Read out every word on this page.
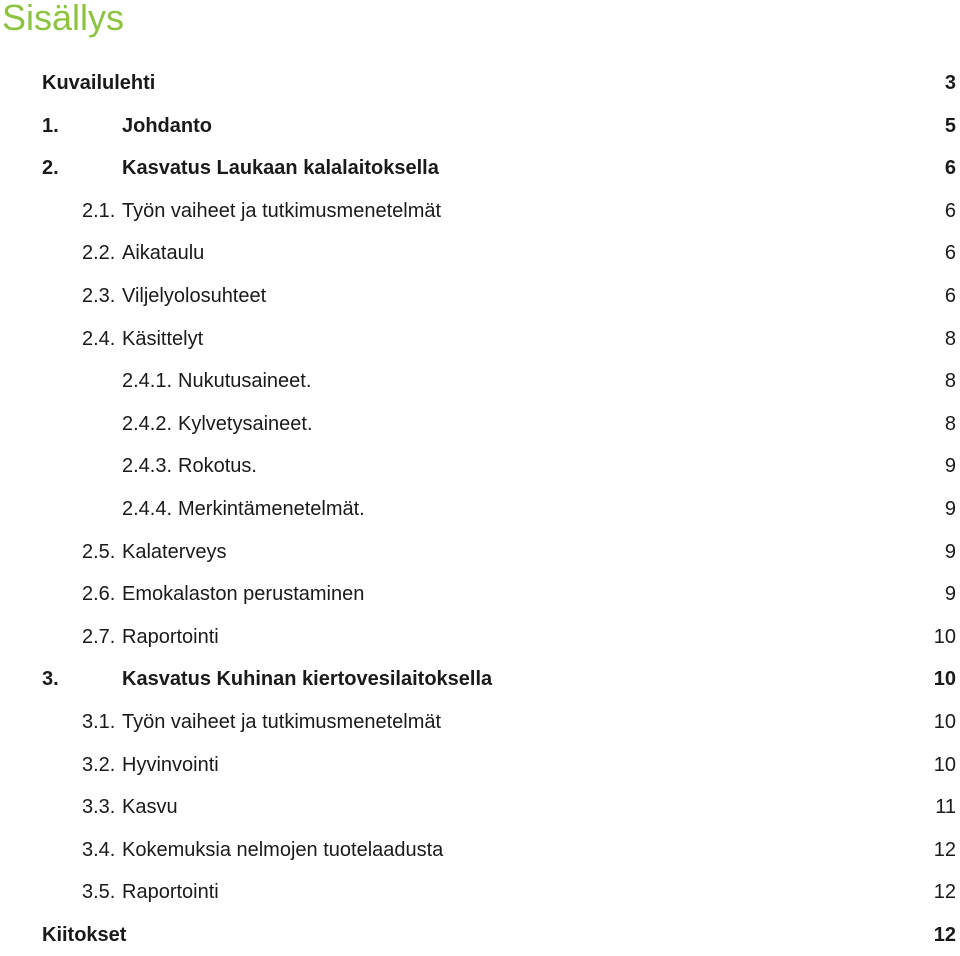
Sisällys
Kuvailulehti	3
1.	Johdanto	5
2.	Kasvatus Laukaan kalalaitoksella	6
2.1. Työn vaiheet ja tutkimusmenetelmät	6
2.2. Aikataulu	6
2.3. Viljelyolosuhteet	6
2.4. Käsittelyt	8
2.4.1. Nukutusaineet.	8
2.4.2. Kylvetysaineet.	8
2.4.3. Rokotus.	9
2.4.4. Merkintämenetelmät.	9
2.5. Kalaterveys	9
2.6. Emokalaston perustaminen	9
2.7. Raportointi	10
3.	Kasvatus Kuhinan kiertovesilaitoksella	10
3.1. Työn vaiheet ja tutkimusmenetelmät	10
3.2. Hyvinvointi	10
3.3. Kasvu	11
3.4. Kokemuksia nelmojen tuotelaadusta	12
3.5. Raportointi	12
Kiitokset	12
